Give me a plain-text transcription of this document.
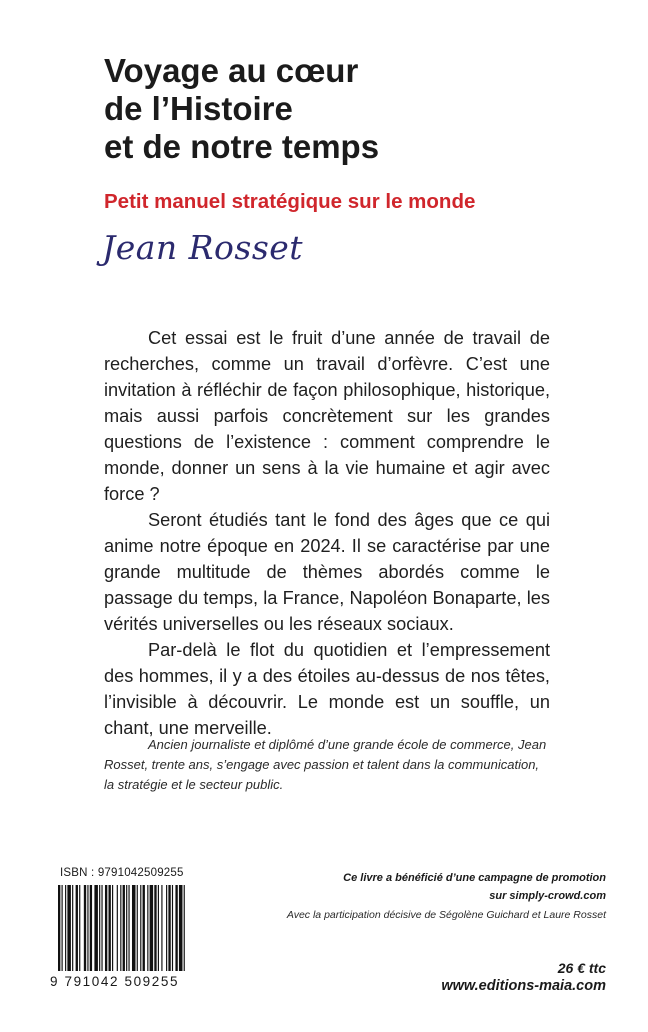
Voyage au cœur
de l’Histoire
et de notre temps
Petit manuel stratégique sur le monde
Jean Rosset

Cet essai est le fruit d’une année de travail de recherches, comme un travail d’orfèvre. C’est une invitation à réfléchir de façon philosophique, historique, mais aussi parfois concrètement sur les grandes questions de l’existence : comment comprendre le monde, donner un sens à la vie humaine et agir avec force ?

Seront étudiés tant le fond des âges que ce qui anime notre époque en 2024. Il se caractérise par une grande multitude de thèmes abordés comme le passage du temps, la France, Napoléon Bonaparte, les vérités universelles ou les réseaux sociaux.

Par-delà le flot du quotidien et l’empressement des hommes, il y a des étoiles au-dessus de nos têtes, l’invisible à découvrir. Le monde est un souffle, un chant, une merveille.

Ancien journaliste et diplômé d’une grande école de commerce, Jean Rosset, trente ans, s’engage avec passion et talent dans la communication, la stratégie et le secteur public.
ISBN : 9791042509255
9 791042 509255
Ce livre a bénéficié d’une campagne de promotion
sur simply-crowd.com
Avec la participation décisive de Ségolène Guichard et Laure Rosset
26 € ttc
www.editions-maia.com
